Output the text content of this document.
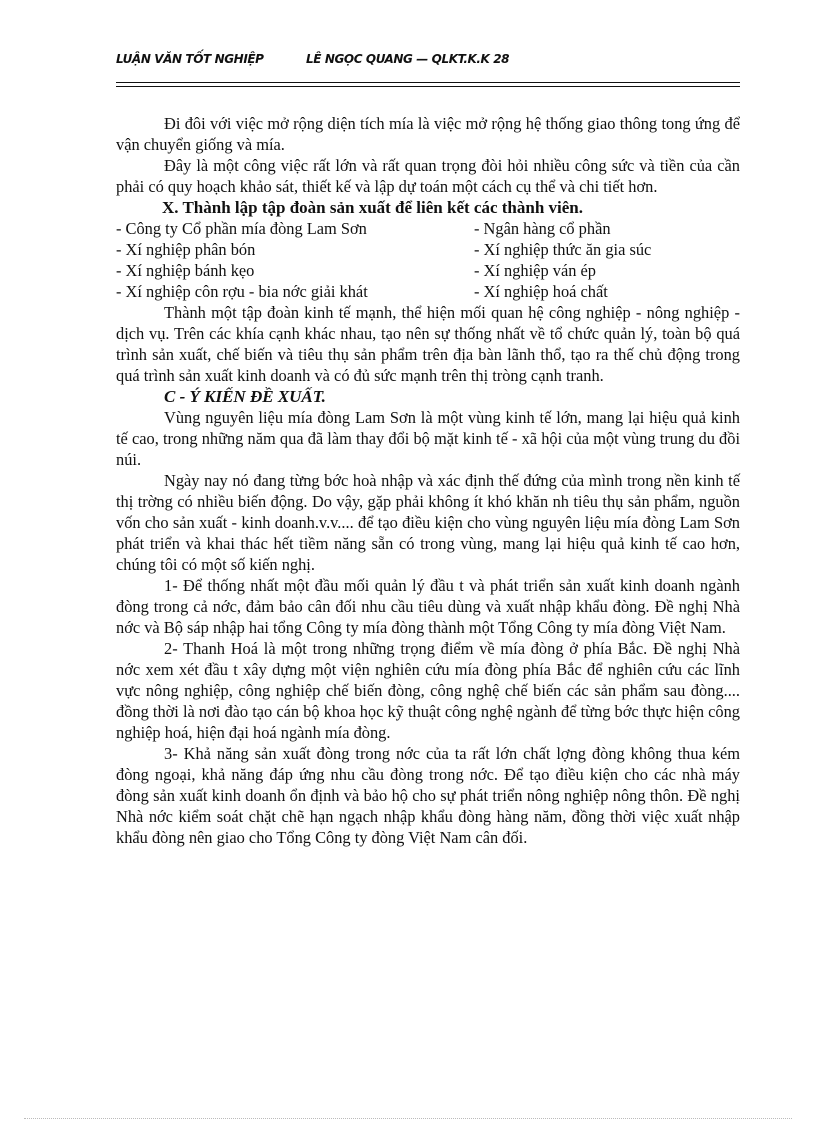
LUẬN VĂN TỐT NGHIỆP	LÊ NGỌC QUANG — QLKT.K.K 28

Đi đôi với việc mở rộng diện tích mía là việc mở rộng hệ thống giao thông tong ứng để vận chuyển giống và mía.

Đây là một công việc rất lớn và rất quan trọng đòi hỏi nhiều công sức và tiền của cần phải có quy hoạch khảo sát, thiết kế và lập dự toán một cách cụ thể và chi tiết hơn.

X. Thành lập tập đoàn sản xuất để liên kết các thành viên.

- Công ty Cổ phần mía đòng Lam Sơn	- Ngân hàng cổ phần
- Xí nghiệp phân bón	- Xí nghiệp thức ăn gia súc
- Xí nghiệp bánh kẹo	- Xí nghiệp ván ép
- Xí nghiệp côn rợu - bia nớc giải khát	- Xí nghiệp hoá chất

Thành một tập đoàn kinh tế mạnh, thể hiện mối quan hệ công nghiệp - nông nghiệp - dịch vụ. Trên các khía cạnh khác nhau, tạo nên sự thống nhất về tổ chức quản lý, toàn bộ quá trình sản xuất, chế biến và tiêu thụ sản phẩm trên địa bàn lãnh thổ, tạo ra thế chủ động trong quá trình sản xuất kinh doanh và có đủ sức mạnh trên thị tròng cạnh tranh.

C - Ý KIẾN ĐỀ XUẤT.

Vùng nguyên liệu mía đòng Lam Sơn là một vùng kinh tế lớn, mang lại hiệu quả kinh tế cao, trong những năm qua đã làm thay đổi bộ mặt kinh tế - xã hội của một vùng trung du đồi núi.

Ngày nay nó đang từng bớc hoà nhập và xác định thế đứng của mình trong nền kinh tế thị trờng có nhiều biến động. Do vậy, gặp phải không ít khó khăn nh tiêu thụ sản phẩm, nguồn vốn cho sản xuất - kinh doanh.v.v.... để tạo điều kiện cho vùng nguyên liệu mía đòng Lam Sơn phát triển và khai thác hết tiềm năng sẵn có trong vùng, mang lại hiệu quả kinh tế cao hơn, chúng tôi có một số kiến nghị.

1- Để thống nhất một đầu mối quản lý đầu t và phát triển sản xuất kinh doanh ngành đòng trong cả nớc, đảm bảo cân đối nhu cầu tiêu dùng và xuất nhập khẩu đòng. Đề nghị Nhà nớc và Bộ sáp nhập hai tổng Công ty mía đòng thành một Tổng Công ty mía đòng Việt Nam.

2- Thanh Hoá là một trong những trọng điểm về mía đòng ở phía Bắc. Đề nghị Nhà nớc xem xét đầu t xây dựng một viện nghiên cứu mía đòng phía Bắc để nghiên cứu các lĩnh vực nông nghiệp, công nghiệp chế biến đòng, công nghệ chế biến các sản phẩm sau đòng.... đồng thời là nơi đào tạo cán bộ khoa học kỹ thuật công nghệ ngành để từng bớc thực hiện công nghiệp hoá, hiện đại hoá ngành mía đòng.

3- Khả năng sản xuất đòng trong nớc của ta rất lớn chất lợng đòng không thua kém đòng ngoại, khả năng đáp ứng nhu cầu đòng trong nớc. Để tạo điều kiện cho các nhà máy đòng sản xuất kinh doanh ổn định và bảo hộ cho sự phát triển nông nghiệp nông thôn. Đề nghị Nhà nớc kiểm soát chặt chẽ hạn ngạch nhập khẩu đòng hàng năm, đồng thời việc xuất nhập khẩu đòng nên giao cho Tổng Công ty đòng Việt Nam cân đối.
